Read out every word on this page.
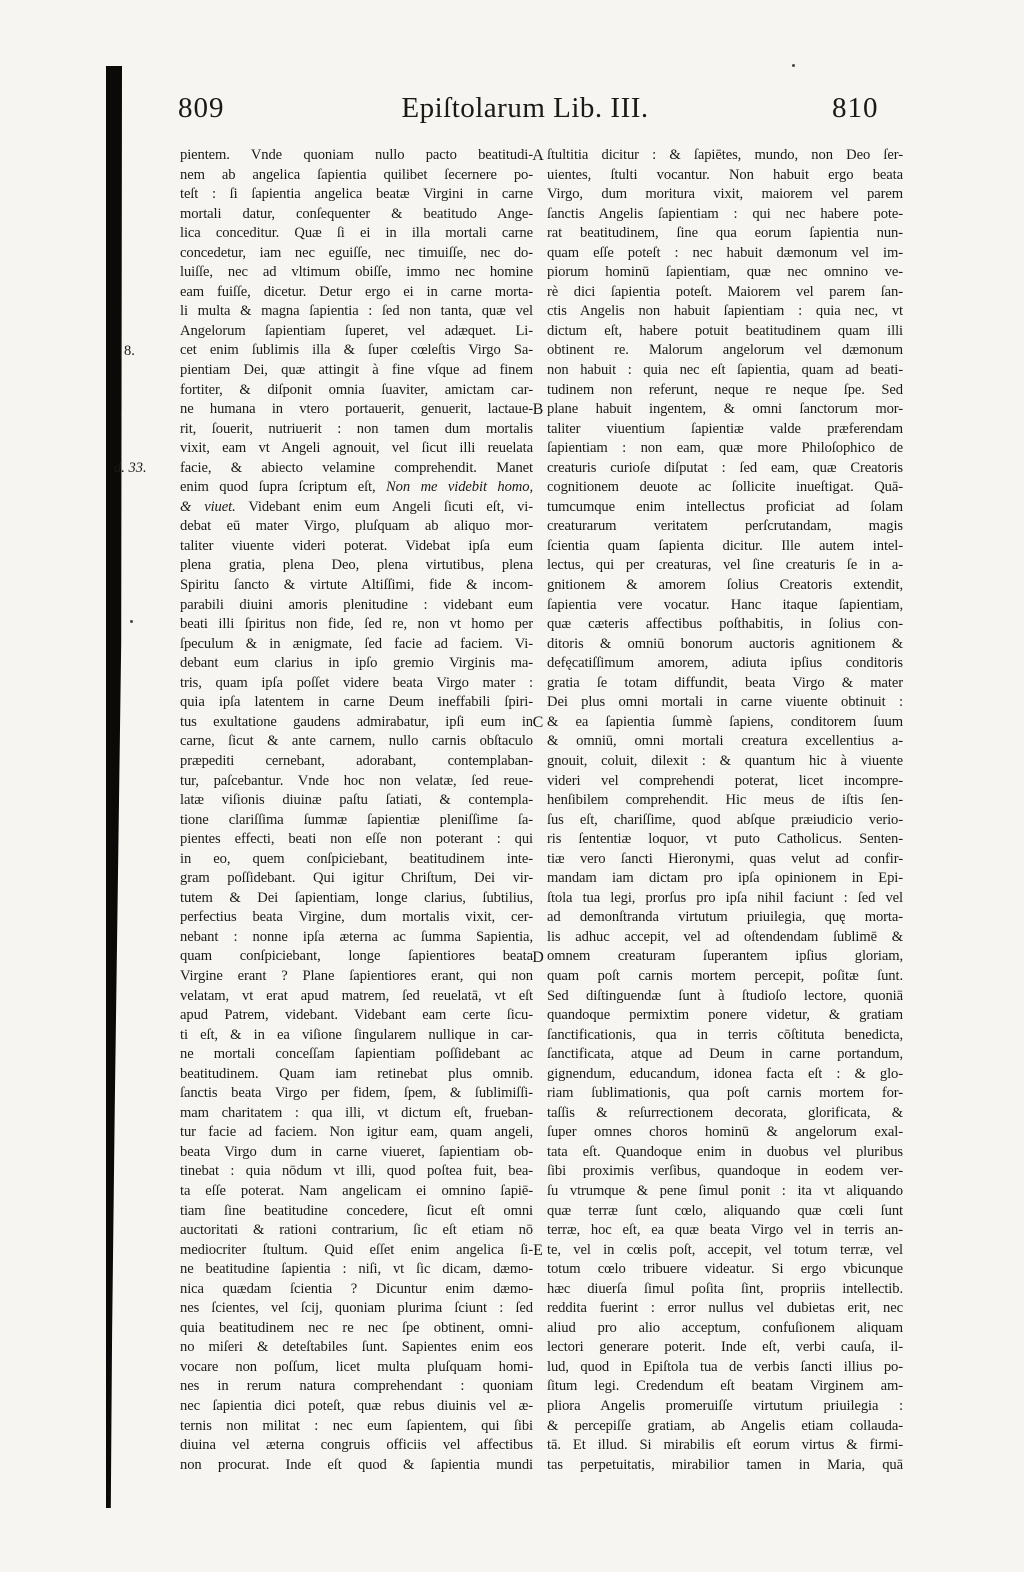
809	Epiſtolarum Lib. III.	810
pientem. Vnde quoniam nullo pacto beatitudi-
nem ab angelica ſapientia quilibet ſecernere po-
teſt : ſi ſapientia angelica beatæ Virgini in carne
mortali datur, conſequenter & beatitudo Ange-
lica conceditur. Quæ ſi ei in illa mortali carne
concedetur, iam nec eguiſſe, nec timuiſſe, nec do-
luiſſe, nec ad vltimum obiſſe, immo nec homine
eam fuiſſe, dicetur. Detur ergo ei in carne morta-
li multa & magna ſapientia : ſed non tanta, quæ vel
Angelorum ſapientiam ſuperet, vel adæquet. Li-
cet enim ſublimis illa & ſuper cœleſtis Virgo Sa-
pientiam Dei, quæ attingit à fine vſque ad finem
fortiter, & diſponit omnia ſuaviter, amictam car-
ne humana in vtero portauerit, genuerit, lactaue-
rit, ſouerit, nutriuerit : non tamen dum mortalis
vixit, eam vt Angeli agnouit, vel ſicut illi reuelata
facie, & abiecto velamine comprehendit. Manet
enim quod ſupra ſcriptum eſt, Non me videbit homo,
& viuet. Videbant enim eum Angeli ſicuti eſt, vi-
debat eū mater Virgo, pluſquam ab aliquo mor-
taliter viuente videri poterat. Videbat ipſa eum
plena gratia, plena Deo, plena virtutibus, plena
Spiritu ſancto & virtute Altiſſimi, fide & incom-
parabili diuini amoris plenitudine : videbant eum
beati illi ſpiritus non fide, ſed re, non vt homo per
ſpeculum & in ænigmate, ſed facie ad faciem. Vi-
debant eum clarius in ipſo gremio Virginis ma-
tris, quam ipſa poſſet videre beata Virgo mater :
quia ipſa latentem in carne Deum ineffabili ſpiri-
tus exultatione gaudens admirabatur, ipſi eum in
carne, ſicut & ante carnem, nullo carnis obſtaculo
præpediti cernebant, adorabant, contemplaban-
tur, paſcebantur. Vnde hoc non velatæ, ſed reue-
latæ viſionis diuinæ paſtu ſatiati, & contempla-
tione clariſſima ſummæ ſapientiæ pleniſſime ſa-
pientes effecti, beati non eſſe non poterant : qui
in eo, quem conſpiciebant, beatitudinem inte-
gram poſſidebant. Qui igitur Chriſtum, Dei vir-
tutem & Dei ſapientiam, longe clarius, ſubtilius,
perfectius beata Virgine, dum mortalis vixit, cer-
nebant : nonne ipſa æterna ac ſumma Sapientia,
quam conſpiciebant, longe ſapientiores beata
Virgine erant ? Plane ſapientiores erant, qui non
velatam, vt erat apud matrem, ſed reuelatā, vt eſt
apud Patrem, videbant. Videbant eam certe ſicu-
ti eſt, & in ea viſione ſingularem nullique in car-
ne mortali conceſſam ſapientiam poſſidebant ac
beatitudinem. Quam iam retinebat plus omnib.
ſanctis beata Virgo per fidem, ſpem, & ſublimiſſi-
mam charitatem : qua illi, vt dictum eſt, frueban-
tur facie ad faciem. Non igitur eam, quam angeli,
beata Virgo dum in carne viueret, ſapientiam ob-
tinebat : quia nōdum vt illi, quod poſtea fuit, bea-
ta eſſe poterat. Nam angelicam ei omnino ſapiē-
tiam ſine beatitudine concedere, ſicut eſt omni
auctoritati & rationi contrarium, ſic eſt etiam nō
mediocriter ſtultum. Quid eſſet enim angelica ſi-
ne beatitudine ſapientia : niſi, vt ſic dicam, dæmo-
nica quædam ſcientia ? Dicuntur enim dæmo-
nes ſcientes, vel ſcij, quoniam plurima ſciunt : ſed
quia beatitudinem nec re nec ſpe obtinent, omni-
no miſeri & deteſtabiles ſunt. Sapientes enim eos
vocare non poſſum, licet multa pluſquam homi-
nes in rerum natura comprehendant : quoniam
nec ſapientia dici poteſt, quæ rebus diuinis vel æ-
ternis non militat : nec eum ſapientem, qui ſibi
diuina vel æterna congruis officiis vel affectibus
non procurat. Inde eſt quod & ſapientia mundi
ſtultitia dicitur : & ſapiētes, mundo, non Deo ſer-
uientes, ſtulti vocantur. Non habuit ergo beata
Virgo, dum moritura vixit, maiorem vel parem
ſanctis Angelis ſapientiam : qui nec habere pote-
rat beatitudinem, ſine qua eorum ſapientia nun-
quam eſſe poteſt : nec habuit dæmonum vel im-
piorum hominū ſapientiam, quæ nec omnino ve-
rè dici ſapientia poteſt. Maiorem vel parem ſan-
ctis Angelis non habuit ſapientiam : quia nec, vt
dictum eſt, habere potuit beatitudinem quam illi
obtinent re. Malorum angelorum vel dæmonum
non habuit : quia nec eſt ſapientia, quam ad beati-
tudinem non referunt, neque re neque ſpe. Sed
plane habuit ingentem, & omni ſanctorum mor-
taliter viuentium ſapientiæ valde præferendam
ſapientiam : non eam, quæ more Philoſophico de
creaturis curioſe diſputat : ſed eam, quæ Creatoris
cognitionem deuote ac ſollicite inueſtigat. Quā-
tumcumque enim intellectus proficiat ad ſolam
creaturarum veritatem perſcrutandam, magis
ſcientia quam ſapienta dicitur. Ille autem intel-
lectus, qui per creaturas, vel ſine creaturis ſe in a-
gnitionem & amorem ſolius Creatoris extendit,
ſapientia vere vocatur. Hanc itaque ſapientiam,
quæ cæteris affectibus poſthabitis, in ſolius con-
ditoris & omniū bonorum auctoris agnitionem &
defęcatiſſimum amorem, adiuta ipſius conditoris
gratia ſe totam diffundit, beata Virgo & mater
Dei plus omni mortali in carne viuente obtinuit :
& ea ſapientia ſummè ſapiens, conditorem ſuum
& omniū, omni mortali creatura excellentius a-
gnouit, coluit, dilexit : & quantum hic à viuente
videri vel comprehendi poterat, licet incompre-
henſibilem comprehendit. Hic meus de iſtis ſen-
ſus eſt, chariſſime, quod abſque præiudicio verio-
ris ſententiæ loquor, vt puto Catholicus. Senten-
tiæ vero ſancti Hieronymi, quas velut ad confir-
mandam iam dictam pro ipſa opinionem in Epi-
ſtola tua legi, prorſus pro ipſa nihil faciunt : ſed vel
ad demonſtranda virtutum priuilegia, quę morta-
lis adhuc accepit, vel ad oſtendendam ſublimē &
omnem creaturam ſuperantem ipſius gloriam,
quam poſt carnis mortem percepit, poſitæ ſunt.
Sed diſtinguendæ ſunt à ſtudioſo lectore, quoniā
quandoque permixtim ponere videtur, & gratiam
ſanctificationis, qua in terris cōſtituta benedicta,
ſanctificata, atque ad Deum in carne portandum,
gignendum, educandum, idonea facta eſt : & glo-
riam ſublimationis, qua poſt carnis mortem for-
taſſis & reſurrectionem decorata, glorificata, &
ſuper omnes choros hominū & angelorum exal-
tata eſt. Quandoque enim in duobus vel pluribus
ſibi proximis verſibus, quandoque in eodem ver-
ſu vtrumque & pene ſimul ponit : ita vt aliquando
quæ terræ ſunt cœlo, aliquando quæ cœli ſunt
terræ, hoc eſt, ea quæ beata Virgo vel in terris an-
te, vel in cœlis poſt, accepit, vel totum terræ, vel
totum cœlo tribuere videatur. Si ergo vbicunque
hæc diuerſa ſimul poſita ſint, propriis intellectib.
reddita fuerint : error nullus vel dubietas erit, nec
aliud pro alio acceptum, confuſionem aliquam
lectori generare poterit. Inde eſt, verbi cauſa, il-
lud, quod in Epiſtola tua de verbis ſancti illius po-
ſitum legi. Credendum eſt beatam Virginem am-
pliora Angelis promeruiſſe virtutum priuilegia :
& percepiſſe gratiam, ab Angelis etiam collauda-
tā. Et illud. Si mirabilis eſt eorum virtus & firmi-
tas perpetuitatis, mirabilior tamen in Maria, quā
A
B
C
D
E
8.
d. 33.
